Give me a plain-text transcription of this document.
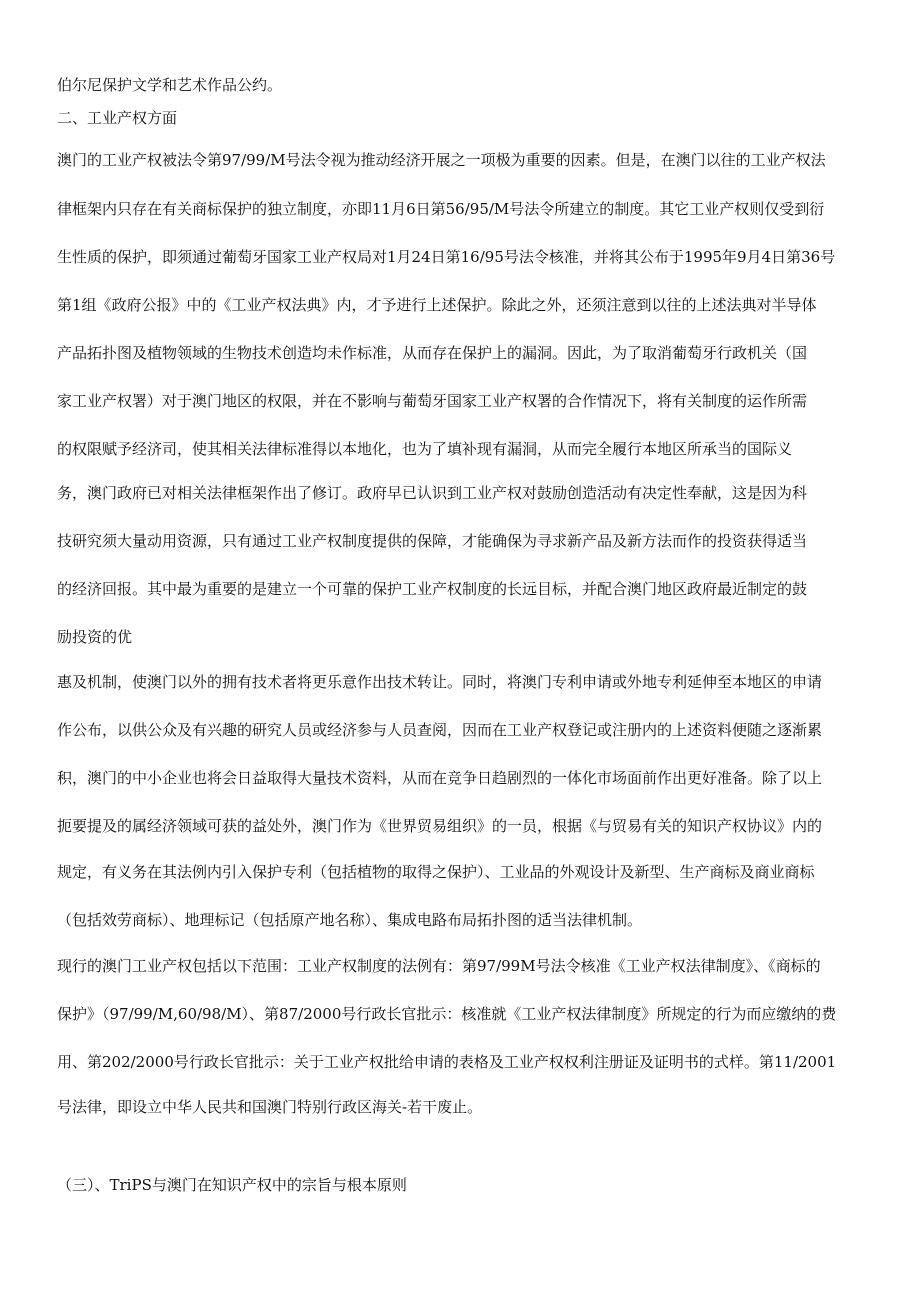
伯尔尼保护文学和艺术作品公约。
二、工业产权方面
澳门的工业产权被法令第97/99/M号法令视为推动经济开展之一项极为重要的因素。但是，在澳门以往的工业产权法
律框架内只存在有关商标保护的独立制度，亦即11月6日第56/95/M号法令所建立的制度。其它工业产权则仅受到衍
生性质的保护，即须通过葡萄牙国家工业产权局对1月24日第16/95号法令核准，并将其公布于1995年9月4日第36号
第1组《政府公报》中的《工业产权法典》内，才予进行上述保护。除此之外，还须注意到以往的上述法典对半导体
产品拓扑图及植物领域的生物技术创造均未作标准，从而存在保护上的漏洞。因此，为了取消葡萄牙行政机关（国
家工业产权署）对于澳门地区的权限，并在不影响与葡萄牙国家工业产权署的合作情况下，将有关制度的运作所需
的权限赋予经济司，使其相关法律标准得以本地化，也为了填补现有漏洞，从而完全履行本地区所承当的国际义
务，澳门政府已对相关法律框架作出了修订。政府早已认识到工业产权对鼓励创造活动有决定性奉献，这是因为科
技研究须大量动用资源，只有通过工业产权制度提供的保障，才能确保为寻求新产品及新方法而作的投资获得适当
的经济回报。其中最为重要的是建立一个可靠的保护工业产权制度的长远目标，并配合澳门地区政府最近制定的鼓
励投资的优
惠及机制，使澳门以外的拥有技术者将更乐意作出技术转让。同时，将澳门专利申请或外地专利延伸至本地区的申请
作公布，以供公众及有兴趣的研究人员或经济参与人员查阅，因而在工业产权登记或注册内的上述资料便随之逐渐累
积，澳门的中小企业也将会日益取得大量技术资料，从而在竞争日趋剧烈的一体化市场面前作出更好准备。除了以上
扼要提及的属经济领域可获的益处外，澳门作为《世界贸易组织》的一员，根据《与贸易有关的知识产权协议》内的
规定，有义务在其法例内引入保护专利（包括植物的取得之保护）、工业品的外观设计及新型、生产商标及商业商标
（包括效劳商标）、地理标记（包括原产地名称）、集成电路布局拓扑图的适当法律机制。
现行的澳门工业产权包括以下范围：工业产权制度的法例有：第97/99M号法令核准《工业产权法律制度》、《商标的
保护》（97/99/M,60/98/M）、第87/2000号行政长官批示：核准就《工业产权法律制度》所规定的行为而应缴纳的费
用、第202/2000号行政长官批示：关于工业产权批给申请的表格及工业产权权利注册证及证明书的式样。第11/2001
号法律，即设立中华人民共和国澳门特别行政区海关-若干废止。
（三）、TriPS与澳门在知识产权中的宗旨与根本原则
